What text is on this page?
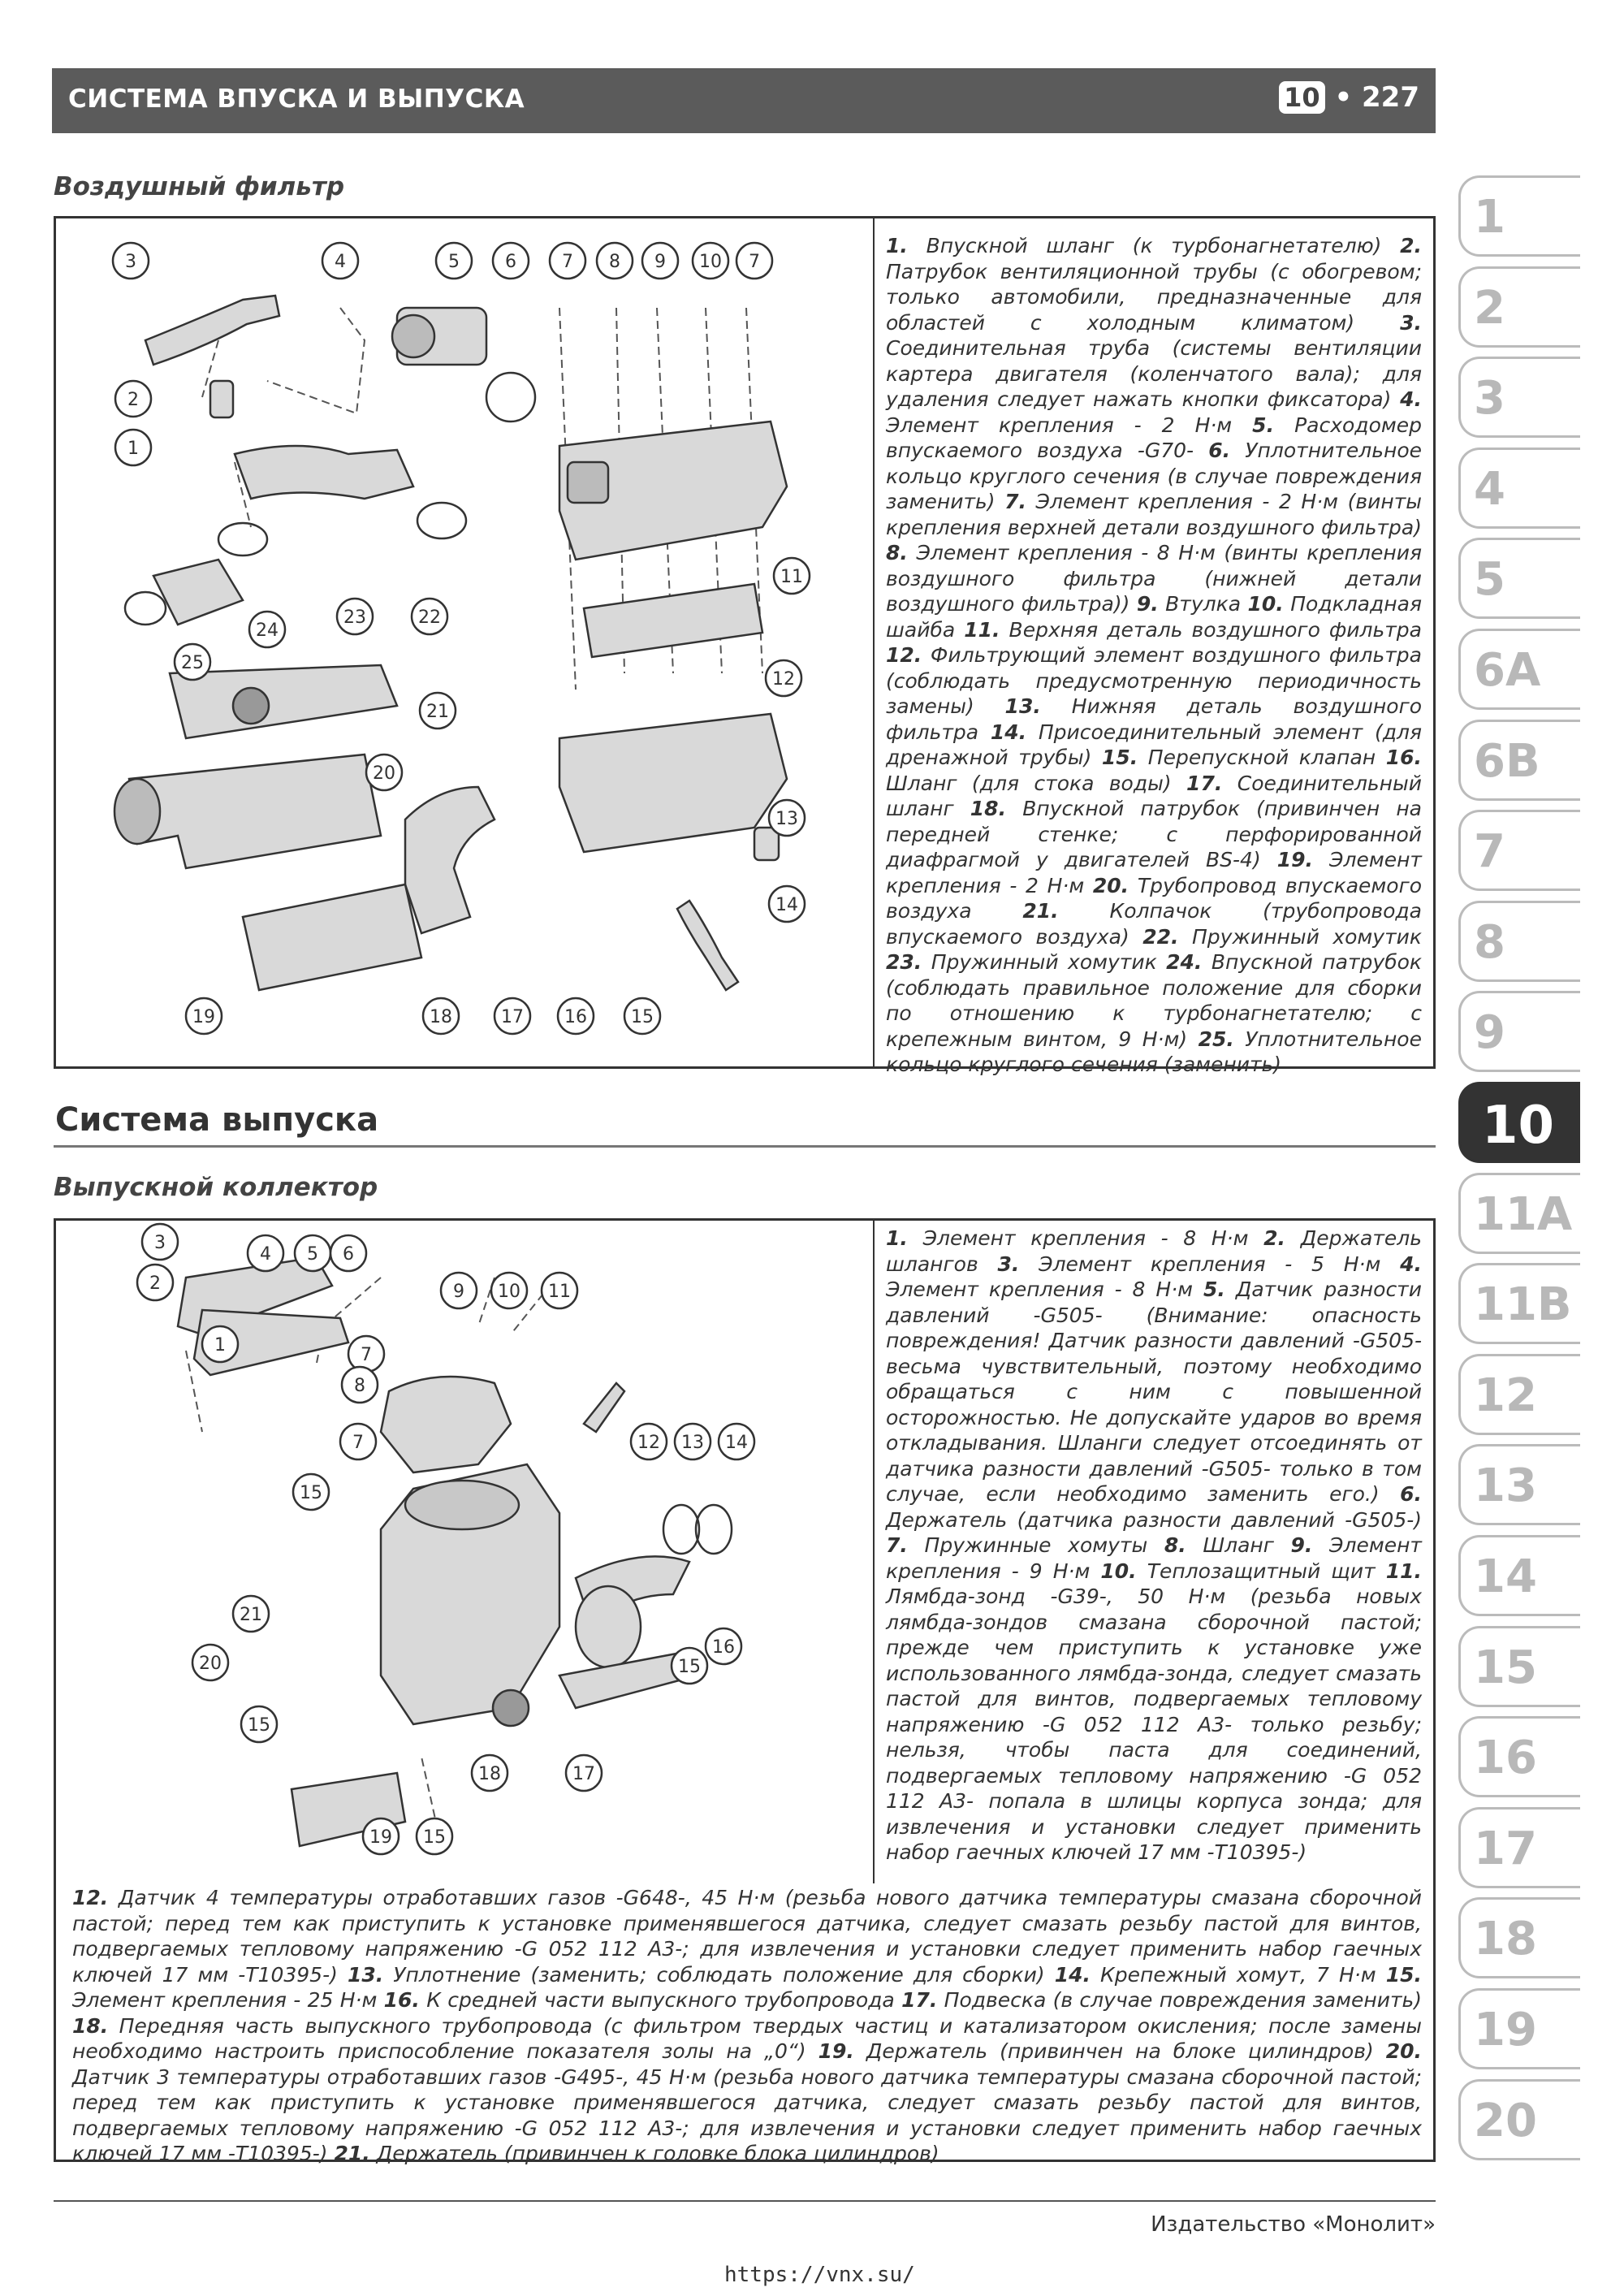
СИСТЕМА ВПУСКА И ВЫПУСКА	10 • 227
Воздушный фильтр
3	4	5	6	7 8 9 10 7
2
1
11
23	22
24
25
12
21
20
13
14
19	18	17 16 15
1. Впускной шланг (к турбонагнетателю) 2. Патрубок вентиляционной трубы (с обогревом; только автомобили, предназначенные для областей с холодным климатом) 3. Соединительная труба (системы вентиляции картера двигателя (коленчатого вала); для удаления следует нажать кнопки фиксатора) 4. Элемент крепления - 2 Н·м 5. Расходомер впускаемого воздуха -G70- 6. Уплотнительное кольцо круглого сечения (в случае повреждения заменить) 7. Элемент крепления - 2 Н·м (винты крепления верхней детали воздушного фильтра) 8. Элемент крепления - 8 Н·м (винты крепления воздушного фильтра (нижней детали воздушного фильтра)) 9. Втулка 10. Подкладная шайба 11. Верхняя деталь воздушного фильтра 12. Фильтрующий элемент воздушного фильтра (соблюдать предусмотренную периодичность замены) 13. Нижняя деталь воздушного фильтра 14. Присоединительный элемент (для дренажной трубы) 15. Перепускной клапан 16. Шланг (для стока воды) 17. Соединительный шланг 18. Впускной патрубок (привинчен на передней стенке; с перфорированной диафрагмой у двигателей BS-4) 19. Элемент крепления - 2 Н·м 20. Трубопровод впускаемого воздуха 21. Колпачок (трубопровода впускаемого воздуха) 22. Пружинный хомутик 23. Пружинный хомутик 24. Впускной патрубок (соблюдать правильное положение для сборки по отношению к турбонагнетателю; с крепежным винтом, 9 Н·м) 25. Уплотнительное кольцо круглого сечения (заменить)
Система выпуска
Выпускной коллектор
3
4 5 6
2
1
9 10 11
7
8
7	12 13 14
15
21
20
15
16
15
18	17
19 15
1. Элемент крепления - 8 Н·м 2. Держатель шлангов 3. Элемент крепления - 5 Н·м 4. Элемент крепления - 8 Н·м 5. Датчик разности давлений -G505- (Внимание: опасность повреждения! Датчик разности давлений -G505- весьма чувствительный, поэтому необходимо обращаться с ним с повышенной осторожностью. Не допускайте ударов во время откладывания. Шланги следует отсоединять от датчика разности давлений -G505- только в том случае, если необходимо заменить его.) 6. Держатель (датчика разности давлений -G505-) 7. Пружинные хомуты 8. Шланг 9. Элемент крепления - 9 Н·м 10. Теплозащитный щит 11. Лямбда-зонд -G39-, 50 Н·м (резьба новых лямбда-зондов смазана сборочной пастой; прежде чем приступить к установке уже использованного лямбда-зонда, следует смазать пастой для винтов, подвергаемых тепловому напряжению -G 052 112 A3- только резьбу; нельзя, чтобы паста для соединений, подвергаемых тепловому напряжению -G 052 112 A3- попала в шлицы корпуса зонда; для извлечения и установки следует применить набор гаечных ключей 17 мм -T10395-)
12. Датчик 4 температуры отработавших газов -G648-, 45 Н·м (резьба нового датчика температуры смазана сборочной пастой; перед тем как приступить к установке применявшегося датчика, следует смазать резьбу пастой для винтов, подвергаемых тепловому напряжению -G 052 112 A3-; для извлечения и установки следует применить набор гаечных ключей 17 мм -T10395-) 13. Уплотнение (заменить; соблюдать положение для сборки) 14. Крепежный хомут, 7 Н·м 15. Элемент крепления - 25 Н·м 16. К средней части выпускного трубопровода 17. Подвеска (в случае повреждения заменить) 18. Передняя часть выпускного трубопровода (с фильтром твердых частиц и катализатором окисления; после замены необходимо настроить приспособление показателя золы на „0“) 19. Держатель (привинчен на блоке цилиндров) 20. Датчик 3 температуры отработавших газов -G495-, 45 Н·м (резьба нового датчика температуры смазана сборочной пастой; перед тем как приступить к установке применявшегося датчика, следует смазать резьбу пастой для винтов, подвергаемых тепловому напряжению -G 052 112 A3-; для извлечения и установки следует применить набор гаечных ключей 17 мм -T10395-) 21. Держатель (привинчен к головке блока цилиндров)
1
2
3
4
5
6A
6B
7
8
9
10
11A
11B
12
13
14
15
16
17
18
19
20
Издательство «Монолит»
https://vnx.su/
